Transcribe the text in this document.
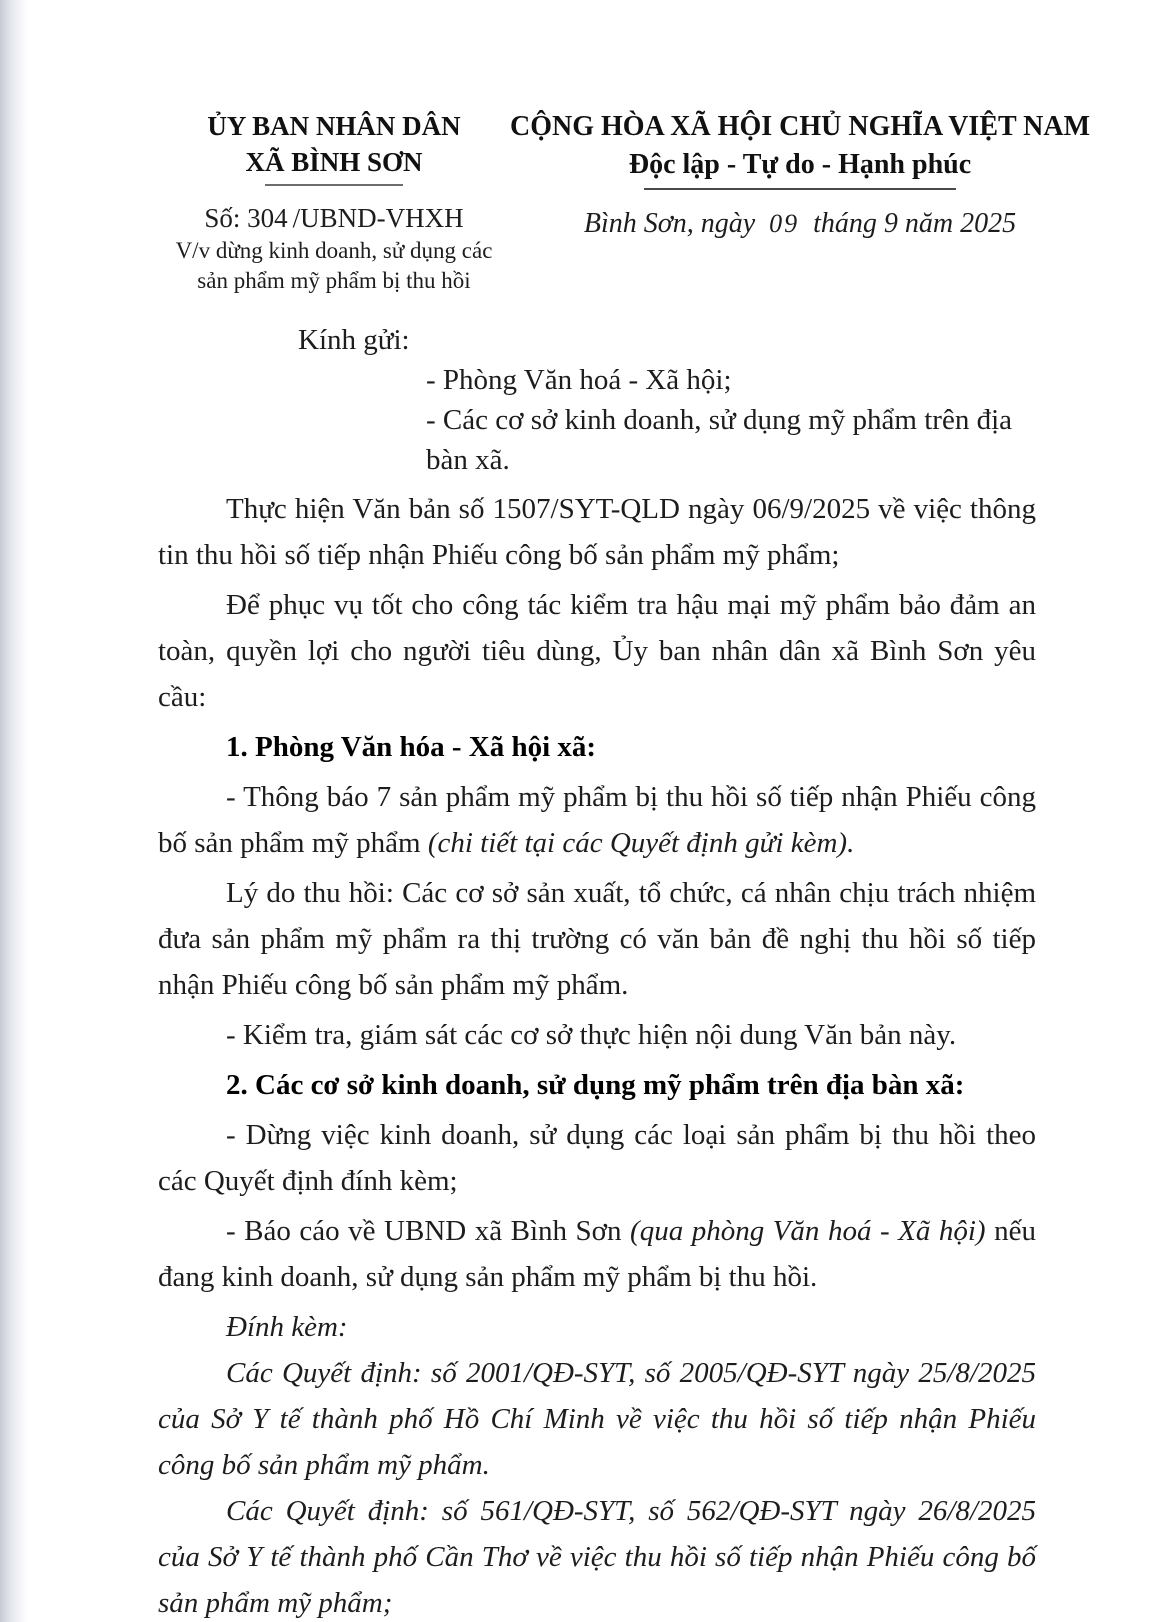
ỦY BAN NHÂN DÂN
XÃ BÌNH SƠN
Số: 304 /UBND-VHXH
V/v dừng kinh doanh, sử dụng các
sản phẩm mỹ phẩm bị thu hồi
CỘNG HÒA XÃ HỘI CHỦ NGHĨA VIỆT NAM
Độc lập - Tự do - Hạnh phúc
Bình Sơn, ngày 09 tháng 9 năm 2025
Kính gửi:
- Phòng Văn hoá - Xã hội;
- Các cơ sở kinh doanh, sử dụng mỹ phẩm trên địa bàn xã.

Thực hiện Văn bản số 1507/SYT-QLD ngày 06/9/2025 về việc thông tin thu hồi số tiếp nhận Phiếu công bố sản phẩm mỹ phẩm;

Để phục vụ tốt cho công tác kiểm tra hậu mại mỹ phẩm bảo đảm an toàn, quyền lợi cho người tiêu dùng, Ủy ban nhân dân xã Bình Sơn yêu cầu:

1. Phòng Văn hóa - Xã hội xã:

- Thông báo 7 sản phẩm mỹ phẩm bị thu hồi số tiếp nhận Phiếu công bố sản phẩm mỹ phẩm (chi tiết tại các Quyết định gửi kèm).

Lý do thu hồi: Các cơ sở sản xuất, tổ chức, cá nhân chịu trách nhiệm đưa sản phẩm mỹ phẩm ra thị trường có văn bản đề nghị thu hồi số tiếp nhận Phiếu công bố sản phẩm mỹ phẩm.

- Kiểm tra, giám sát các cơ sở thực hiện nội dung Văn bản này.

2. Các cơ sở kinh doanh, sử dụng mỹ phẩm trên địa bàn xã:

- Dừng việc kinh doanh, sử dụng các loại sản phẩm bị thu hồi theo các Quyết định đính kèm;

- Báo cáo về UBND xã Bình Sơn (qua phòng Văn hoá - Xã hội) nếu đang kinh doanh, sử dụng sản phẩm mỹ phẩm bị thu hồi.

Đính kèm:

Các Quyết định: số 2001/QĐ-SYT, số 2005/QĐ-SYT ngày 25/8/2025 của Sở Y tế thành phố Hồ Chí Minh về việc thu hồi số tiếp nhận Phiếu công bố sản phẩm mỹ phẩm.

Các Quyết định: số 561/QĐ-SYT, số 562/QĐ-SYT ngày 26/8/2025 của Sở Y tế thành phố Cần Thơ về việc thu hồi số tiếp nhận Phiếu công bố sản phẩm mỹ phẩm;
